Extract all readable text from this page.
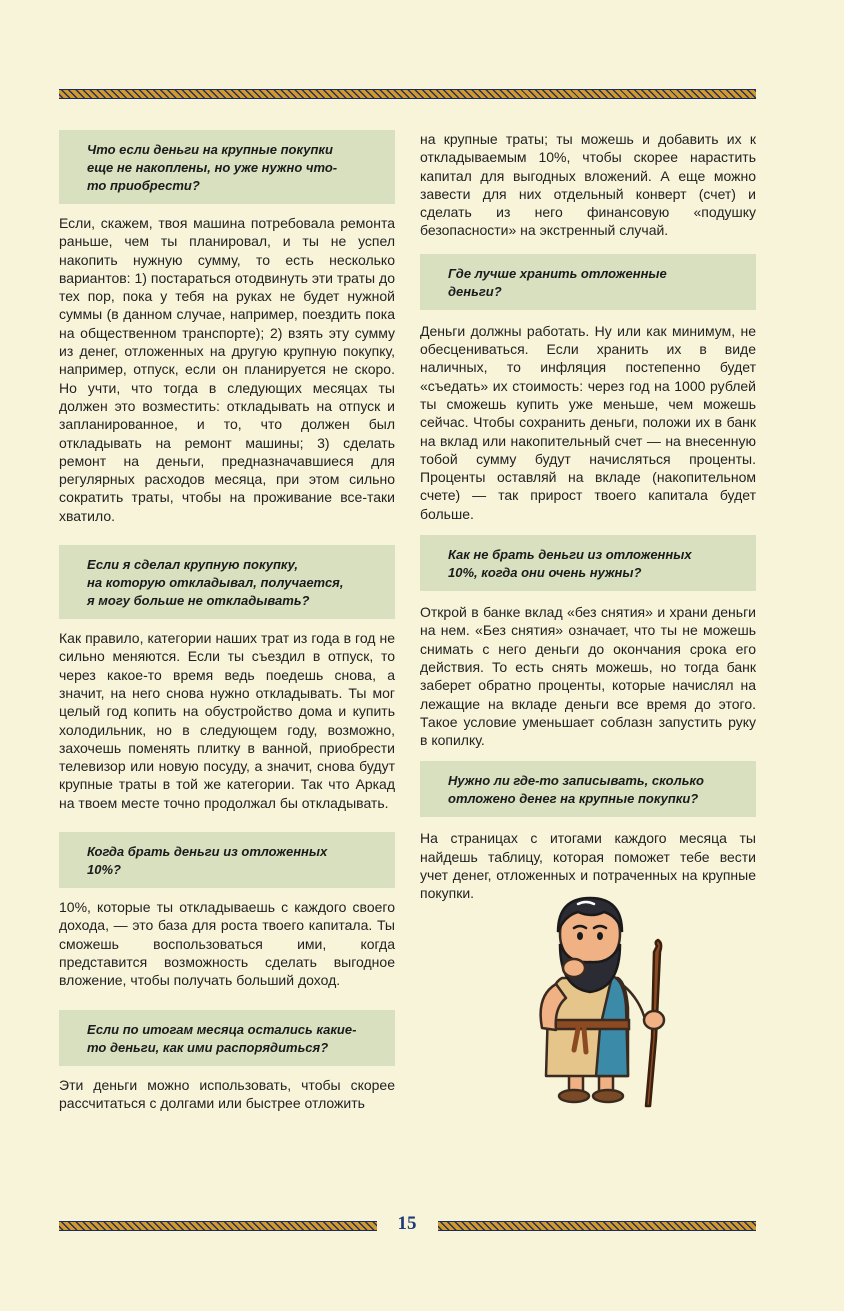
Что если деньги на крупные покупки
еще не накоплены, но уже нужно что-
то приобрести?

Если, скажем, твоя машина потребовала ремонта раньше, чем ты планировал, и ты не успел накопить нужную сумму, то есть несколько вариантов: 1) постараться отодвинуть эти траты до тех пор, пока у тебя на руках не будет нужной суммы (в данном случае, например, поездить пока на общественном транспорте); 2) взять эту сумму из денег, отложенных на другую крупную покупку, например, отпуск, если он планируется не скоро. Но учти, что тогда в следующих месяцах ты должен это возместить: откладывать на отпуск и запланированное, и то, что должен был откладывать на ремонт машины; 3) сделать ремонт на деньги, предназначавшиеся для регулярных расходов месяца, при этом сильно сократить траты, чтобы на проживание все-таки хватило.

Если я сделал крупную покупку,
на которую откладывал, получается,
я могу больше не откладывать?

Как правило, категории наших трат из года в год не сильно меняются. Если ты съездил в отпуск, то через какое-то время ведь поедешь снова, а значит, на него снова нужно откладывать. Ты мог целый год копить на обустройство дома и купить холодильник, но в следующем году, возможно, захочешь поменять плитку в ванной, приобрести телевизор или новую посуду, а значит, снова будут крупные траты в той же категории. Так что Аркад на твоем месте точно продолжал бы откладывать.

Когда брать деньги из отложенных
10%?

10%, которые ты откладываешь с каждого своего дохода, — это база для роста твоего капитала. Ты сможешь воспользоваться ими, когда представится возможность сделать выгодное вложение, чтобы получать больший доход.

Если по итогам месяца остались какие-
то деньги, как ими распорядиться?

Эти деньги можно использовать, чтобы скорее рассчитаться с долгами или быстрее отложить

на крупные траты; ты можешь и добавить их к откладываемым 10%, чтобы скорее нарастить капитал для выгодных вложений. А еще можно завести для них отдельный конверт (счет) и сделать из него финансовую «подушку безопасности» на экстренный случай.

Где лучше хранить отложенные
деньги?

Деньги должны работать. Ну или как минимум, не обесцениваться. Если хранить их в виде наличных, то инфляция постепенно будет «съедать» их стоимость: через год на 1000 рублей ты сможешь купить уже меньше, чем можешь сейчас. Чтобы сохранить деньги, положи их в банк на вклад или накопительный счет — на внесенную тобой сумму будут начисляться проценты. Проценты оставляй на вкладе (накопительном счете) — так прирост твоего капитала будет больше.

Как не брать деньги из отложенных
10%, когда они очень нужны?

Открой в банке вклад «без снятия» и храни деньги на нем. «Без снятия» означает, что ты не можешь снимать с него деньги до окончания срока его действия. То есть снять можешь, но тогда банк заберет обратно проценты, которые начислял на лежащие на вкладе деньги все время до этого. Такое условие уменьшает соблазн запустить руку в копилку.

Нужно ли где-то записывать, сколько
отложено денег на крупные покупки?

На страницах с итогами каждого месяца ты найдешь таблицу, которая поможет тебе вести учет денег, отложенных и потраченных на крупные покупки.

15
